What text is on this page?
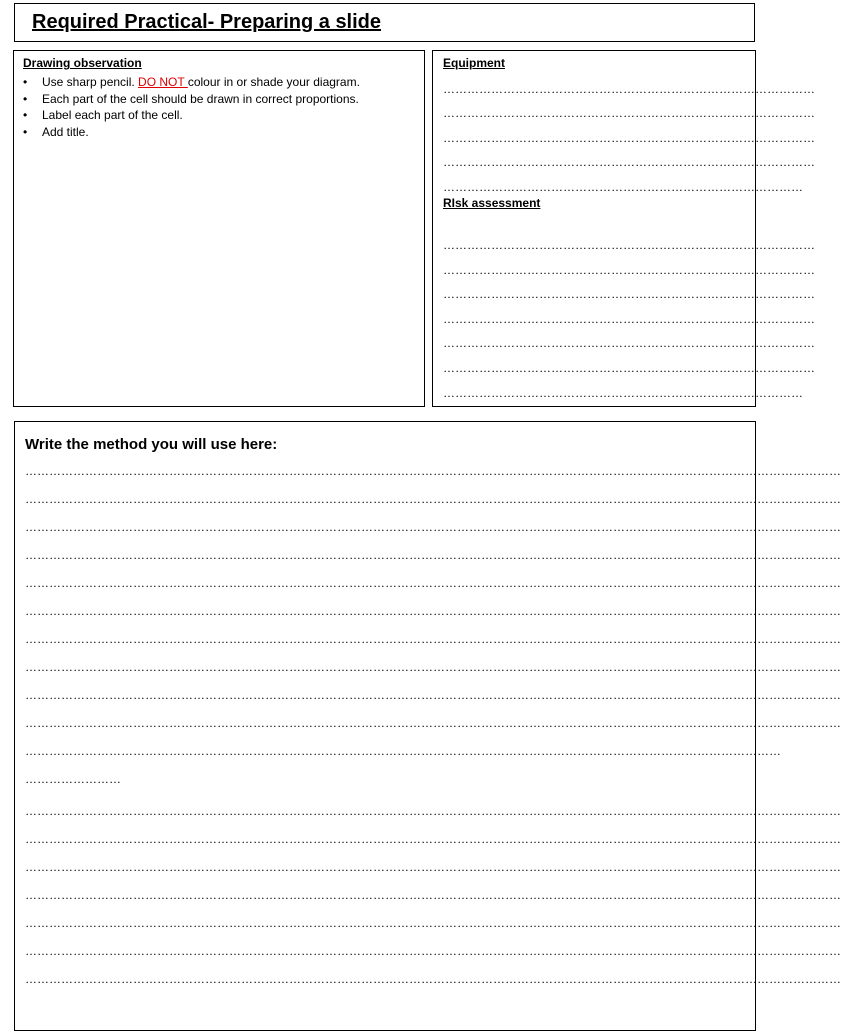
Required Practical- Preparing a slide
Drawing observation
• Use sharp pencil. DO NOT colour in or shade your diagram.
• Each part of the cell should be drawn in correct proportions.
• Label each part of the cell.
• Add title.
Equipment
…………………………………………………………………………………
…………………………………………………………………………………
…………………………………………………………………………………
…………………………………………………………………………………
………………………………………………………………………………
RIsk assessment
…………………………………………………………………………………
…………………………………………………………………………………
…………………………………………………………………………………
…………………………………………………………………………………
…………………………………………………………………………………
…………………………………………………………………………………
………………………………………………………………………………
Write the method you will use here:
……………………………………………………………………………………………………………………………………………………………………………………
……………………………………………………………………………………………………………………………………………………………………………………
……………………………………………………………………………………………………………………………………………………………………………………
……………………………………………………………………………………………………………………………………………………………………………………
……………………………………………………………………………………………………………………………………………………………………………………
……………………………………………………………………………………………………………………………………………………………………………………
……………………………………………………………………………………………………………………………………………………………………………………
……………………………………………………………………………………………………………………………………………………………………………………
……………………………………………………………………………………………………………………………………………………………………………………
……………………………………………………………………………………………………………………………………………………………………………………
………………………………………………………………………………………………………………………………………………………………………
……………………
……………………………………………………………………………………………………………………………………………………………………………………
……………………………………………………………………………………………………………………………………………………………………………………
……………………………………………………………………………………………………………………………………………………………………………………
……………………………………………………………………………………………………………………………………………………………………………………
……………………………………………………………………………………………………………………………………………………………………………………
……………………………………………………………………………………………………………………………………………………………………………………
……………………………………………………………………………………………………………………………………………………………………………………
